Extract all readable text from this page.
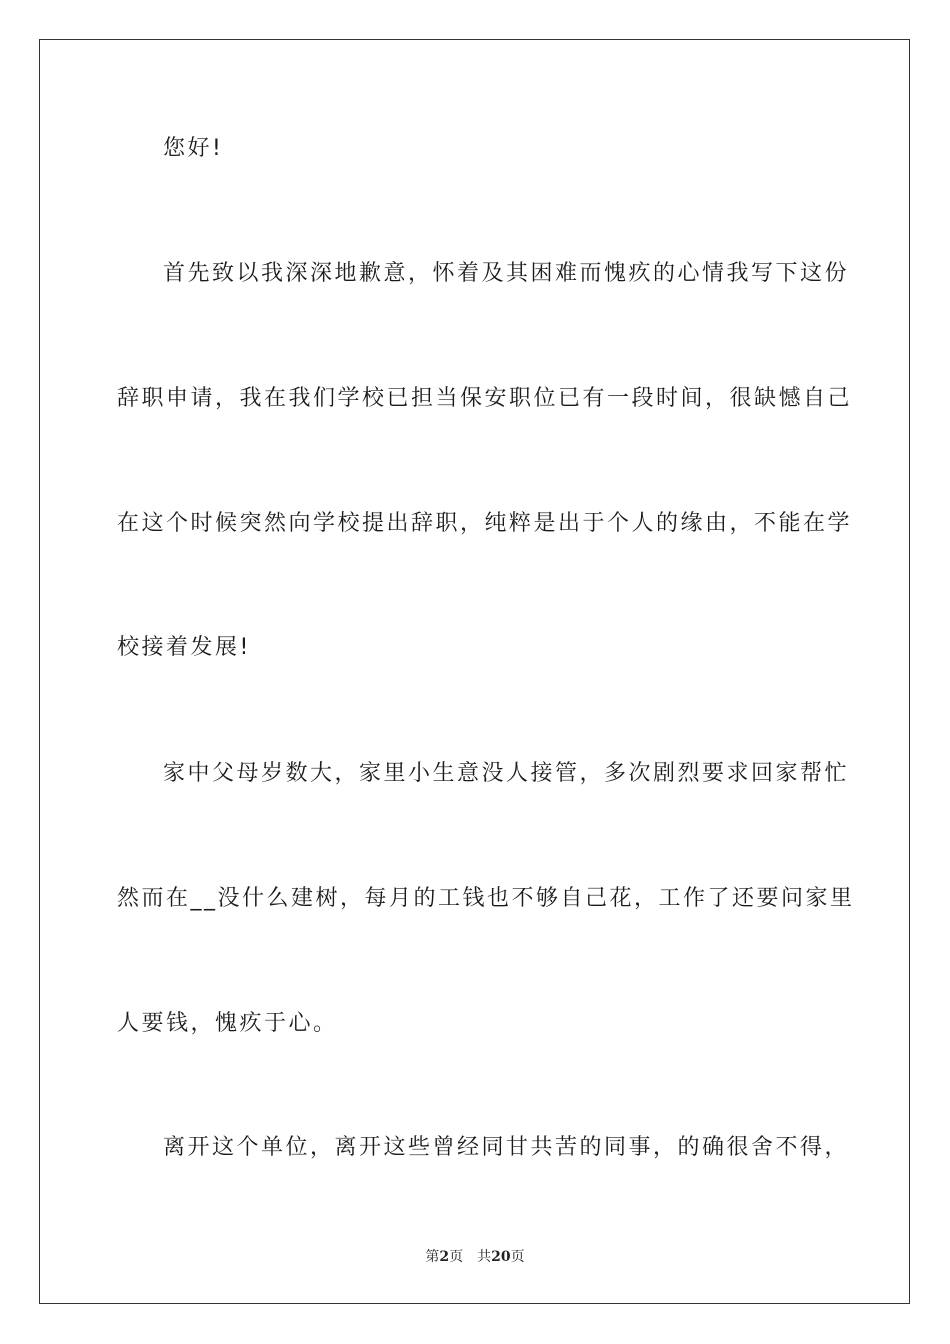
您好!
首先致以我深深地歉意，怀着及其困难而愧疚的心情我写下这份
辞职申请，我在我们学校已担当保安职位已有一段时间，很缺憾自己
在这个时候突然向学校提出辞职，纯粹是出于个人的缘由，不能在学
校接着发展!
家中父母岁数大，家里小生意没人接管，多次剧烈要求回家帮忙
然而在__没什么建树，每月的工钱也不够自己花，工作了还要问家里
人要钱，愧疚于心。
离开这个单位，离开这些曾经同甘共苦的同事，的确很舍不得，
第2页 共20页
